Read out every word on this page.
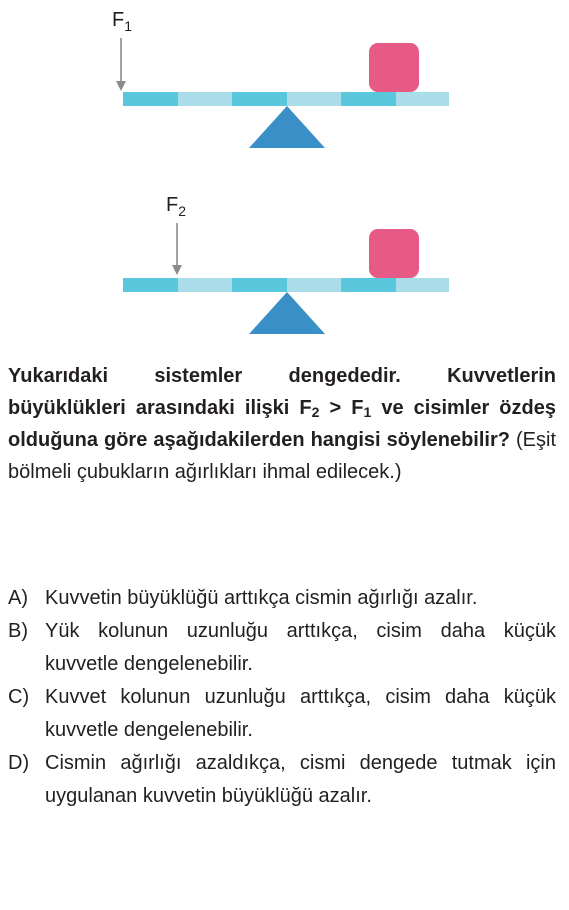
$F_1$
$F_2$
Yukarıdaki sistemler dengededir. Kuvvetlerin büyüklükleri arasındaki ilişki $F_2 > F_1$ ve cisimler özdeş olduğuna göre aşağıdakilerden hangisi söylenebilir? (Eşit bölmeli çubukların ağırlıkları ihmal edilecek.)
A) Kuvvetin büyüklüğü arttıkça cismin ağırlığı azalır.
B) Yük kolunun uzunluğu arttıkça, cisim daha küçük kuvvetle dengelenebilir.
C) Kuvvet kolunun uzunluğu arttıkça, cisim daha küçük kuvvetle dengelenebilir.
D) Cismin ağırlığı azaldıkça, cismi dengede tutmak için uygulanan kuvvetin büyüklüğü azalır.
